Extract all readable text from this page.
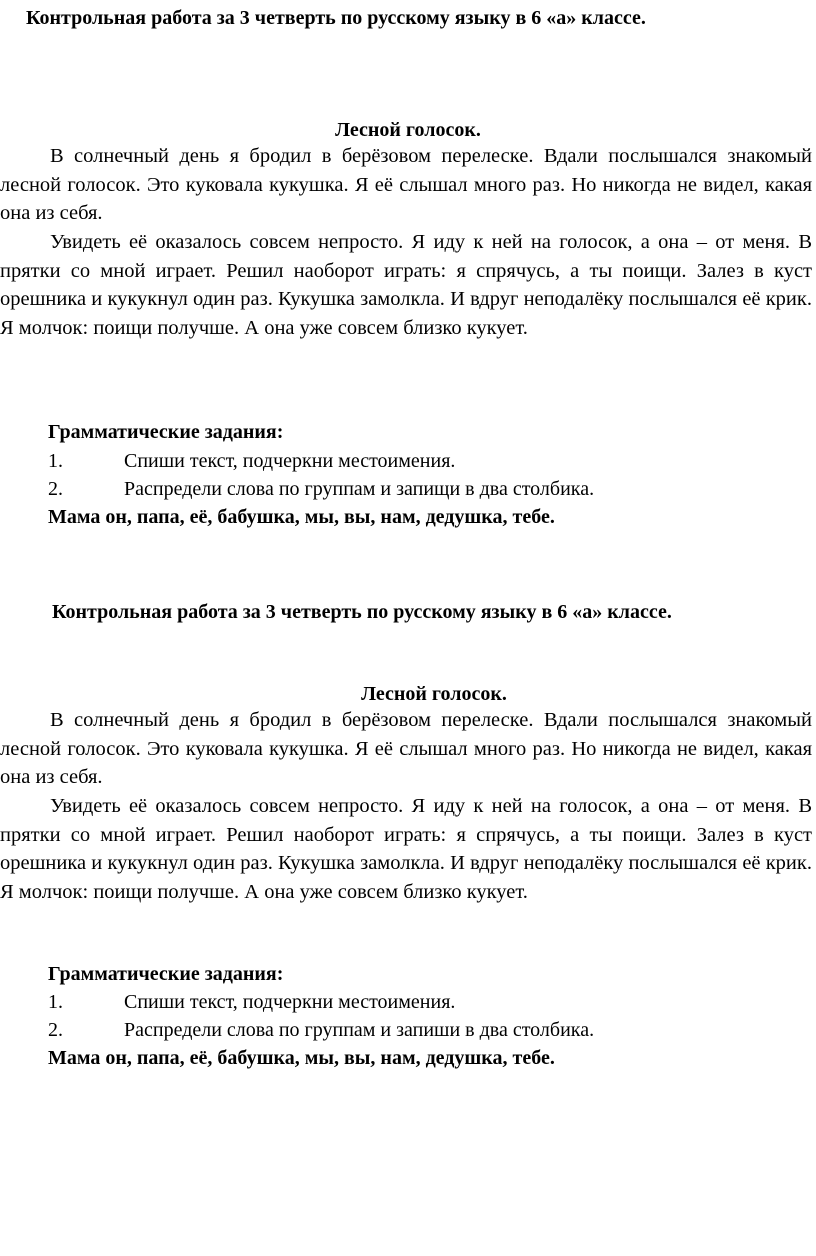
Контрольная работа за 3 четверть по русскому языку в 6 «а» классе.
Лесной голосок.

В солнечный день я бродил в берёзовом перелеске. Вдали послышался знакомый лесной голосок. Это куковала кукушка. Я её слышал много раз. Но никогда не видел, какая она из себя.

Увидеть её оказалось совсем непросто. Я иду к ней на голосок, а она – от меня. В прятки со мной играет. Решил наоборот играть: я спрячусь, а ты поищи. Залез в куст орешника и кукукнул один раз. Кукушка замолкла. И вдруг неподалёку послышался её крик. Я молчок: поищи получше. А она уже совсем близко кукует.

Грамматические задания:
1.	Спиши текст, подчеркни местоимения.
2.	Распредели слова по группам и запищи в два столбика.
Мама он, папа, её, бабушка, мы, вы, нам, дедушка, тебе.
Контрольная работа за 3 четверть по русскому языку в 6 «а» классе.
Лесной голосок.

В солнечный день я бродил в берёзовом перелеске. Вдали послышался знакомый лесной голосок. Это куковала кукушка. Я её слышал много раз. Но никогда не видел, какая она из себя.

Увидеть её оказалось совсем непросто. Я иду к ней на голосок, а она – от меня. В прятки со мной играет. Решил наоборот играть: я спрячусь, а ты поищи. Залез в куст орешника и кукукнул один раз. Кукушка замолкла. И вдруг неподалёку послышался её крик. Я молчок: поищи получше. А она уже совсем близко кукует.

Грамматические задания:
1.	Спиши текст, подчеркни местоимения.
2.	Распредели слова по группам и запиши в два столбика.
Мама он, папа, её, бабушка, мы, вы, нам, дедушка, тебе.
